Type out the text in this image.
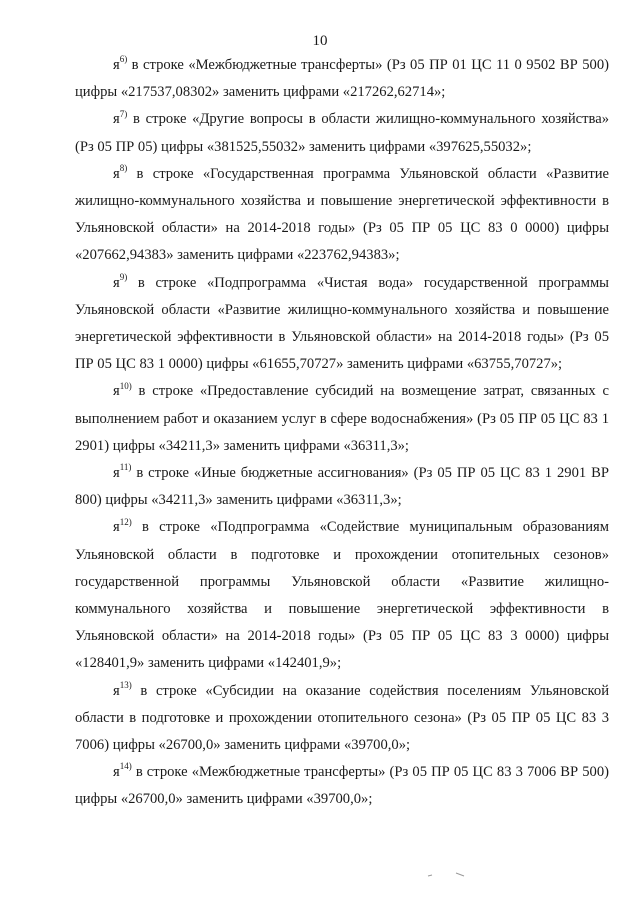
10

$я^{6)}$ в строке «Межбюджетные трансферты» (Рз 05 ПР 01 ЦС 11 0 9502 ВР 500) цифры «217537,08302» заменить цифрами «217262,62714»;

$я^{7)}$ в строке «Другие вопросы в области жилищно-коммунального хозяйства» (Рз 05 ПР 05) цифры «381525,55032» заменить цифрами «397625,55032»;

$я^{8)}$ в строке «Государственная программа Ульяновской области «Развитие жилищно-коммунального хозяйства и повышение энергетической эффективности в Ульяновской области» на 2014-2018 годы» (Рз 05 ПР 05 ЦС 83 0 0000) цифры «207662,94383» заменить цифрами «223762,94383»;

$я^{9)}$ в строке «Подпрограмма «Чистая вода» государственной программы Ульяновской области «Развитие жилищно-коммунального хозяйства и повышение энергетической эффективности в Ульяновской области» на 2014-2018 годы» (Рз 05 ПР 05 ЦС 83 1 0000) цифры «61655,70727» заменить цифрами «63755,70727»;

$я^{10)}$ в строке «Предоставление субсидий на возмещение затрат, связанных с выполнением работ и оказанием услуг в сфере водоснабжения» (Рз 05 ПР 05 ЦС 83 1 2901) цифры «34211,3» заменить цифрами «36311,3»;

$я^{11)}$ в строке «Иные бюджетные ассигнования» (Рз 05 ПР 05 ЦС 83 1 2901 ВР 800) цифры «34211,3» заменить цифрами «36311,3»;

$я^{12)}$ в строке «Подпрограмма «Содействие муниципальным образованиям Ульяновской области в подготовке и прохождении отопительных сезонов» государственной программы Ульяновской области «Развитие жилищно-коммунального хозяйства и повышение энергетической эффективности в Ульяновской области» на 2014-2018 годы» (Рз 05 ПР 05 ЦС 83 3 0000) цифры «128401,9» заменить цифрами «142401,9»;

$я^{13)}$ в строке «Субсидии на оказание содействия поселениям Ульяновской области в подготовке и прохождении отопительного сезона» (Рз 05 ПР 05 ЦС 83 3 7006) цифры «26700,0» заменить цифрами «39700,0»;

$я^{14)}$ в строке «Межбюджетные трансферты» (Рз 05 ПР 05 ЦС 83 3 7006 ВР 500) цифры «26700,0» заменить цифрами «39700,0»;
